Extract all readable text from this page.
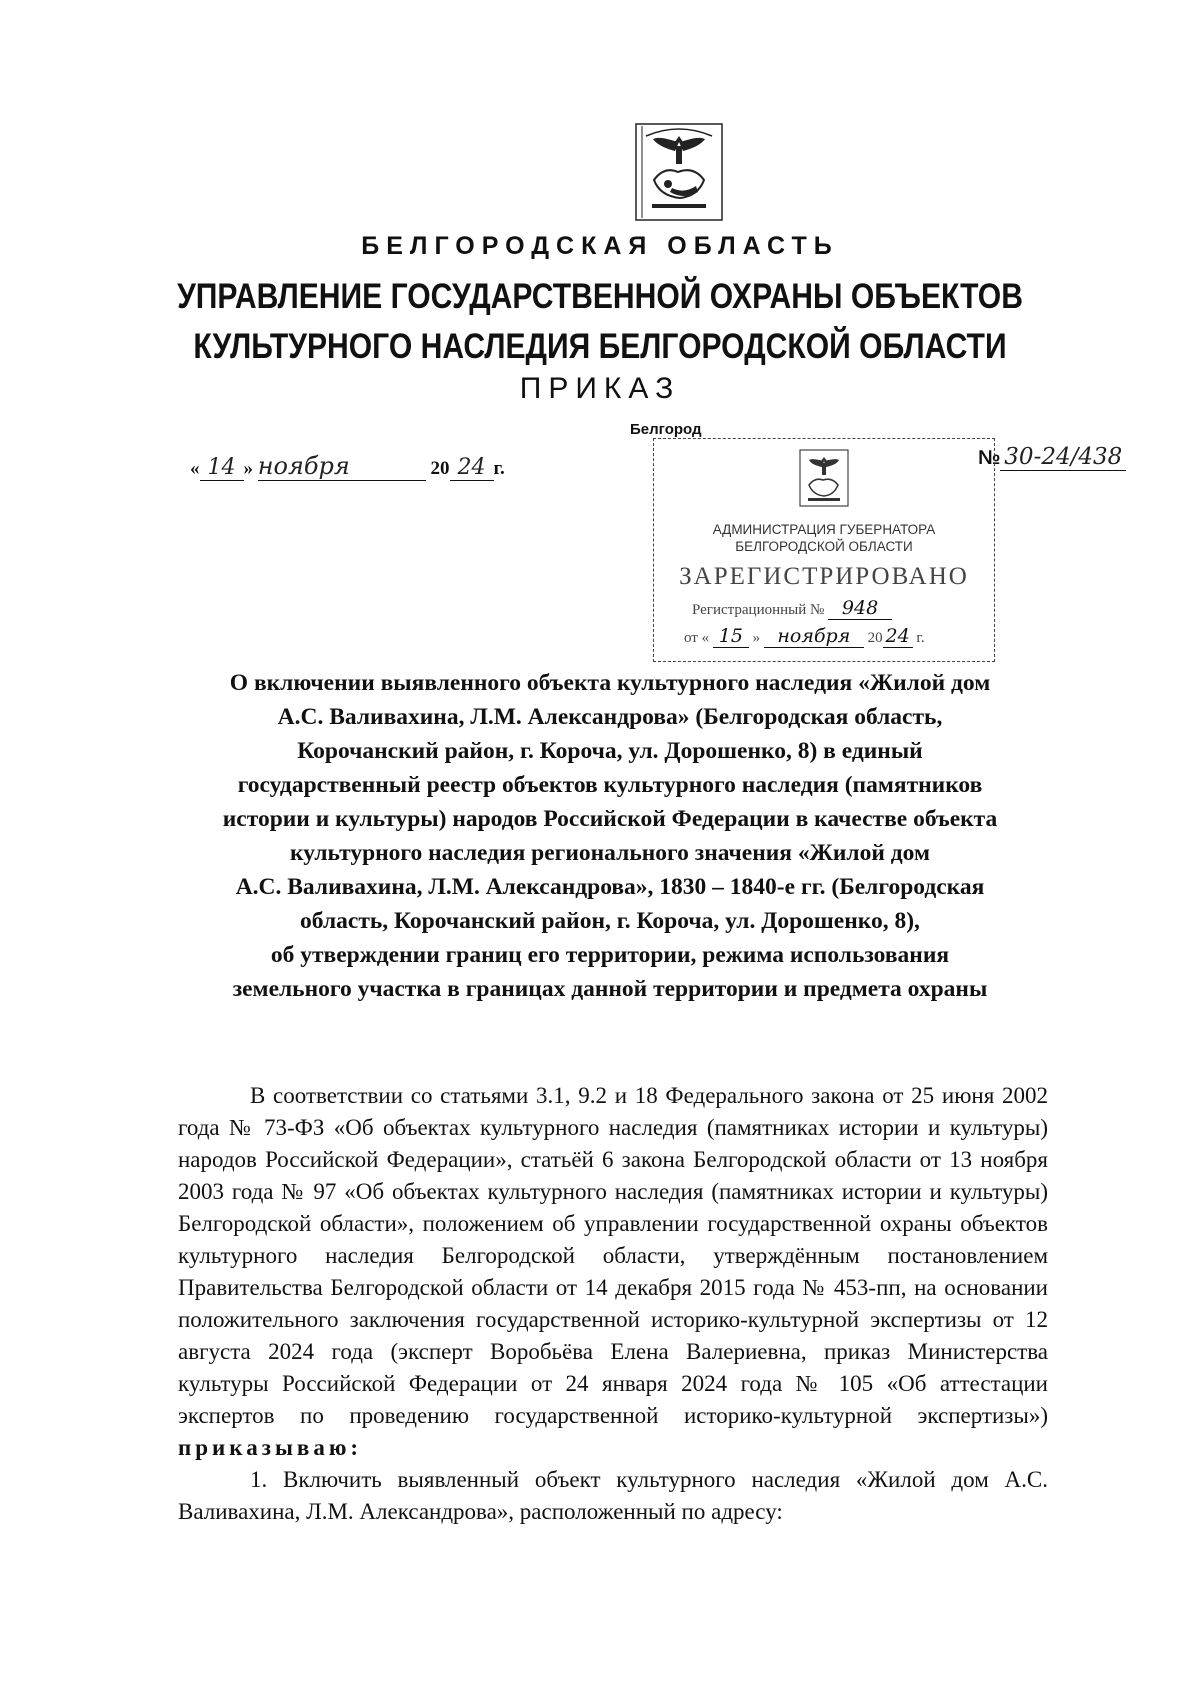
БЕЛГОРОДСКАЯ ОБЛАСТЬ
УПРАВЛЕНИЕ ГОСУДАРСТВЕННОЙ ОХРАНЫ ОБЪЕКТОВ
КУЛЬТУРНОГО НАСЛЕДИЯ БЕЛГОРОДСКОЙ ОБЛАСТИ
ПРИКАЗ
Белгород
« 14 » ноября	20 24 г.	№ 30-24/438
АДМИНИСТРАЦИЯ ГУБЕРНАТОРА
БЕЛГОРОДСКОЙ ОБЛАСТИ
ЗАРЕГИСТРИРОВАНО
Регистрационный № 948
от « 15 » ноября 20 24 г.
О включении выявленного объекта культурного наследия «Жилой дом
А.С. Валивахина, Л.М. Александрова» (Белгородская область,
Корочанский район, г. Короча, ул. Дорошенко, 8) в единый
государственный реестр объектов культурного наследия (памятников
истории и культуры) народов Российской Федерации в качестве объекта
культурного наследия регионального значения «Жилой дом
А.С. Валивахина, Л.М. Александрова», 1830 – 1840-е гг. (Белгородская
область, Корочанский район, г. Короча, ул. Дорошенко, 8),
об утверждении границ его территории, режима использования
земельного участка в границах данной территории и предмета охраны

В соответствии со статьями 3.1, 9.2 и 18 Федерального закона от 25 июня 2002 года № 73-ФЗ «Об объектах культурного наследия (памятниках истории и культуры) народов Российской Федерации», статьёй 6 закона Белгородской области от 13 ноября 2003 года № 97 «Об объектах культурного наследия (памятниках истории и культуры) Белгородской области», положением об управлении государственной охраны объектов культурного наследия Белгородской области, утверждённым постановлением Правительства Белгородской области от 14 декабря 2015 года № 453-пп, на основании положительного заключения государственной историко-культурной экспертизы от 12 августа 2024 года (эксперт Воробьёва Елена Валериевна, приказ Министерства культуры Российской Федерации от 24 января 2024 года № 105 «Об аттестации экспертов по проведению государственной историко-культурной экспертизы») приказываю:

1. Включить выявленный объект культурного наследия «Жилой дом А.С. Валивахина, Л.М. Александрова», расположенный по адресу:
